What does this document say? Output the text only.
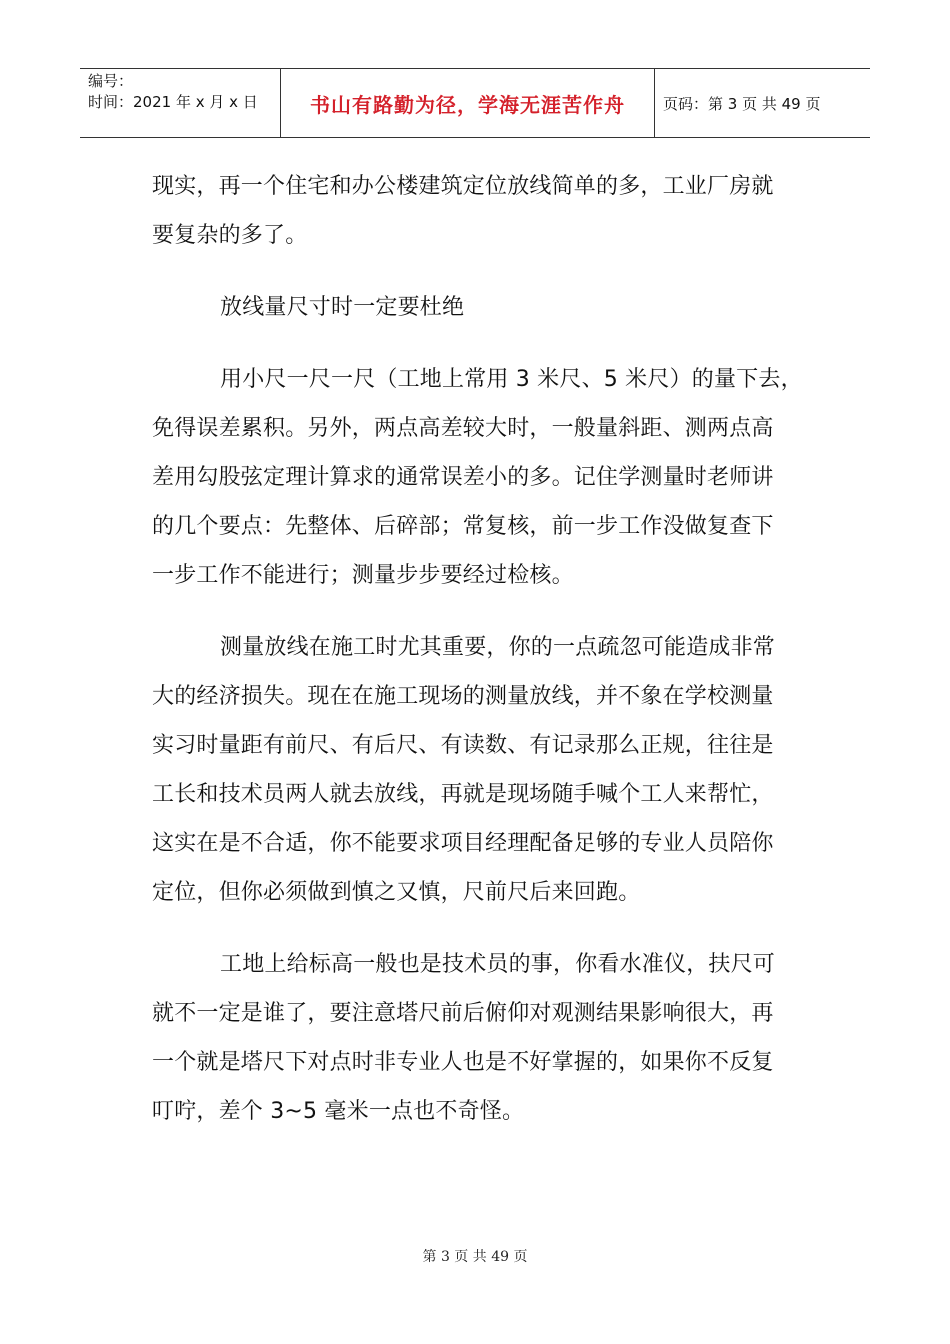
编号：
时间：2021 年 x 月 x 日	书山有路勤为径，学海无涯苦作舟	页码：第 3 页 共 49 页
现实，再一个住宅和办公楼建筑定位放线简单的多，工业厂房就
要复杂的多了。
放线量尺寸时一定要杜绝
用小尺一尺一尺（工地上常用 3 米尺、5 米尺）的量下去，
免得误差累积。另外，两点高差较大时，一般量斜距、测两点高
差用勾股弦定理计算求的通常误差小的多。记住学测量时老师讲
的几个要点：先整体、后碎部；常复核，前一步工作没做复查下
一步工作不能进行；测量步步要经过检核。
测量放线在施工时尤其重要，你的一点疏忽可能造成非常
大的经济损失。现在在施工现场的测量放线，并不象在学校测量
实习时量距有前尺、有后尺、有读数、有记录那么正规，往往是
工长和技术员两人就去放线，再就是现场随手喊个工人来帮忙，
这实在是不合适，你不能要求项目经理配备足够的专业人员陪你
定位，但你必须做到慎之又慎，尺前尺后来回跑。
工地上给标高一般也是技术员的事，你看水准仪，扶尺可
就不一定是谁了，要注意塔尺前后俯仰对观测结果影响很大，再
一个就是塔尺下对点时非专业人也是不好掌握的，如果你不反复
叮咛，差个 3~5 毫米一点也不奇怪。
第 3 页 共 49 页
